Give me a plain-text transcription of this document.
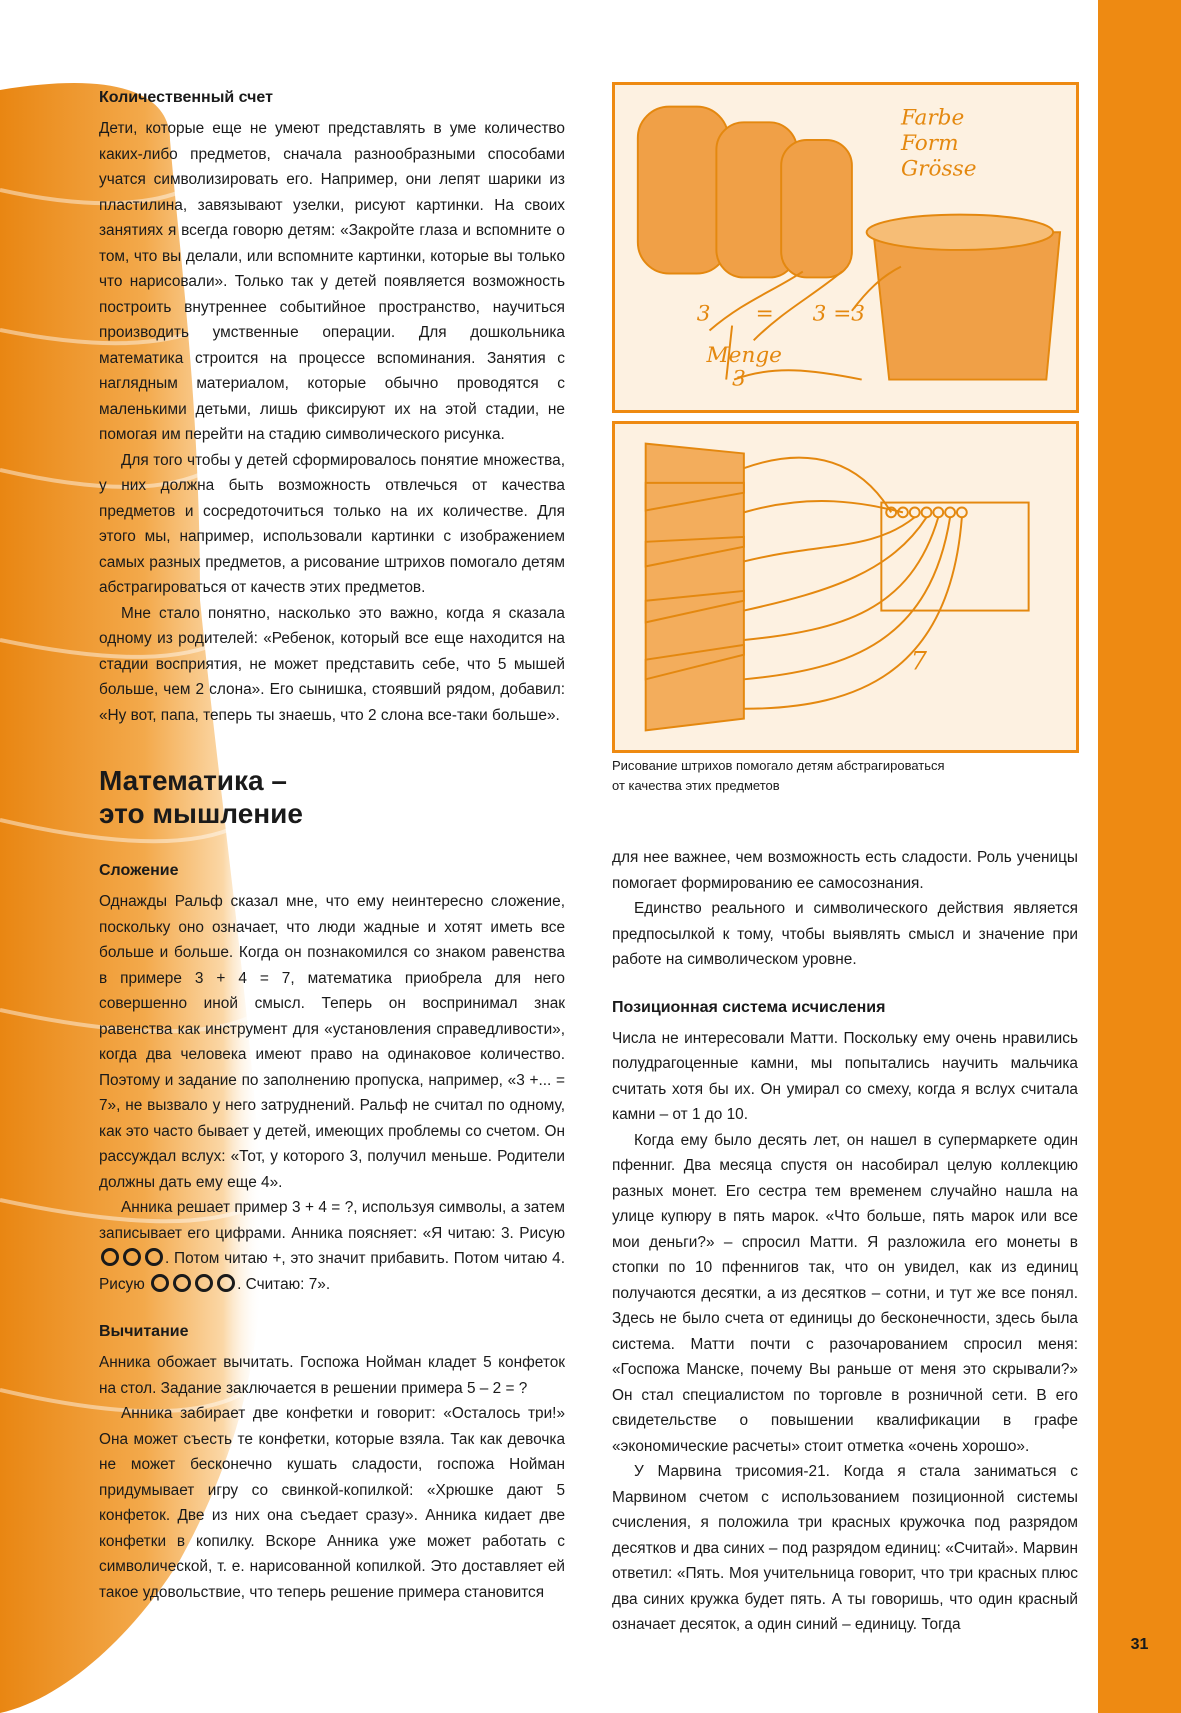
31
Количественный счет

Дети, которые еще не умеют представлять в уме количество каких-либо предметов, сначала разнообразными способами учатся символизировать его. Например, они лепят шарики из пластилина, завязывают узелки, рисуют картинки. На своих занятиях я всегда говорю детям: «Закройте глаза и вспомните о том, что вы делали, или вспомните картинки, которые вы только что нарисовали». Только так у детей появляется возможность построить внутреннее событийное пространство, научиться производить умственные операции. Для дошкольника математика строится на процессе вспоминания. Занятия с наглядным материалом, которые обычно проводятся с маленькими детьми, лишь фиксируют их на этой стадии, не помогая им перейти на стадию символического рисунка.

Для того чтобы у детей сформировалось понятие множества, у них должна быть возможность отвлечься от качества предметов и сосредоточиться только на их количестве. Для этого мы, например, использовали картинки с изображением самых разных предметов, а рисование штрихов помогало детям абстрагироваться от качеств этих предметов.

Мне стало понятно, насколько это важно, когда я сказала одному из родителей: «Ребенок, который все еще находится на стадии восприятия, не может представить себе, что 5 мышей больше, чем 2 слона». Его сынишка, стоявший рядом, добавил: «Ну вот, папа, теперь ты знаешь, что 2 слона все-таки больше».

Математика –
это мышление
Сложение

Однажды Ральф сказал мне, что ему неинтересно сложение, поскольку оно означает, что люди жадные и хотят иметь все больше и больше. Когда он познакомился со знаком равенства в примере 3 + 4 = 7, математика приобрела для него совершенно иной смысл. Теперь он воспринимал знак равенства как инструмент для «установления справедливости», когда два человека имеют право на одинаковое количество. Поэтому и задание по заполнению пропуска, например, «3 +... = 7», не вызвало у него затруднений. Ральф не считал по одному, как это часто бывает у детей, имеющих проблемы со счетом. Он рассуждал вслух: «Тот, у которого 3, получил меньше. Родители должны дать ему еще 4».

Анника решает пример 3 + 4 = ?, используя символы, а затем записывает его цифрами. Анника поясняет: «Я читаю: 3. Рисую . Потом читаю +, это значит прибавить. Потом читаю 4. Рисую	. Считаю: 7».

Вычитание

Анника обожает вычитать. Госпожа Нойман кладет 5 конфеток на стол. Задание заключается в решении примера 5 – 2 = ?

Анника забирает две конфетки и говорит: «Осталось три!» Она может съесть те конфетки, которые взяла. Так как девочка не может бесконечно кушать сладости, госпожа Нойман придумывает игру со свинкой-копилкой: «Хрюшке дают 5 конфеток. Две из них она съедает сразу». Анника кидает две конфетки в копилку. Вскоре Анника уже может работать с символической, т. е. нарисованной копилкой. Это доставляет ей такое удовольствие, что теперь решение примера становится

Farbe
Form
Grösse
3 = 3 =3
Menge
3
7
Рисование штрихов помогало детям абстрагироваться
от качества этих предметов

для нее важнее, чем возможность есть сладости. Роль ученицы помогает формированию ее самосознания.

Единство реального и символического действия является предпосылкой к тому, чтобы выявлять смысл и значение при работе на символическом уровне.

Позиционная система исчисления

Числа не интересовали Матти. Поскольку ему очень нравились полудрагоценные камни, мы попытались научить мальчика считать хотя бы их. Он умирал со смеху, когда я вслух считала камни – от 1 до 10.

Когда ему было десять лет, он нашел в супермаркете один пфенниг. Два месяца спустя он насобирал целую коллекцию разных монет. Его сестра тем временем случайно нашла на улице купюру в пять марок. «Что больше, пять марок или все мои деньги?» – спросил Матти. Я разложила его монеты в стопки по 10 пфеннигов так, что он увидел, как из единиц получаются десятки, а из десятков – сотни, и тут же все понял. Здесь не было счета от единицы до бесконечности, здесь была система. Матти почти с разочарованием спросил меня: «Госпожа Манске, почему Вы раньше от меня это скрывали?» Он стал специалистом по торговле в розничной сети. В его свидетельстве о повышении квалификации в графе «экономические расчеты» стоит отметка «очень хорошо».

У Марвина трисомия-21. Когда я стала заниматься с Марвином счетом с использованием позиционной системы счисления, я положила три красных кружочка под разрядом десятков и два синих – под разрядом единиц: «Считай». Марвин ответил: «Пять. Моя учительница говорит, что три красных плюс два синих кружка будет пять. А ты говоришь, что один красный означает десяток, а один синий – единицу. Тогда
